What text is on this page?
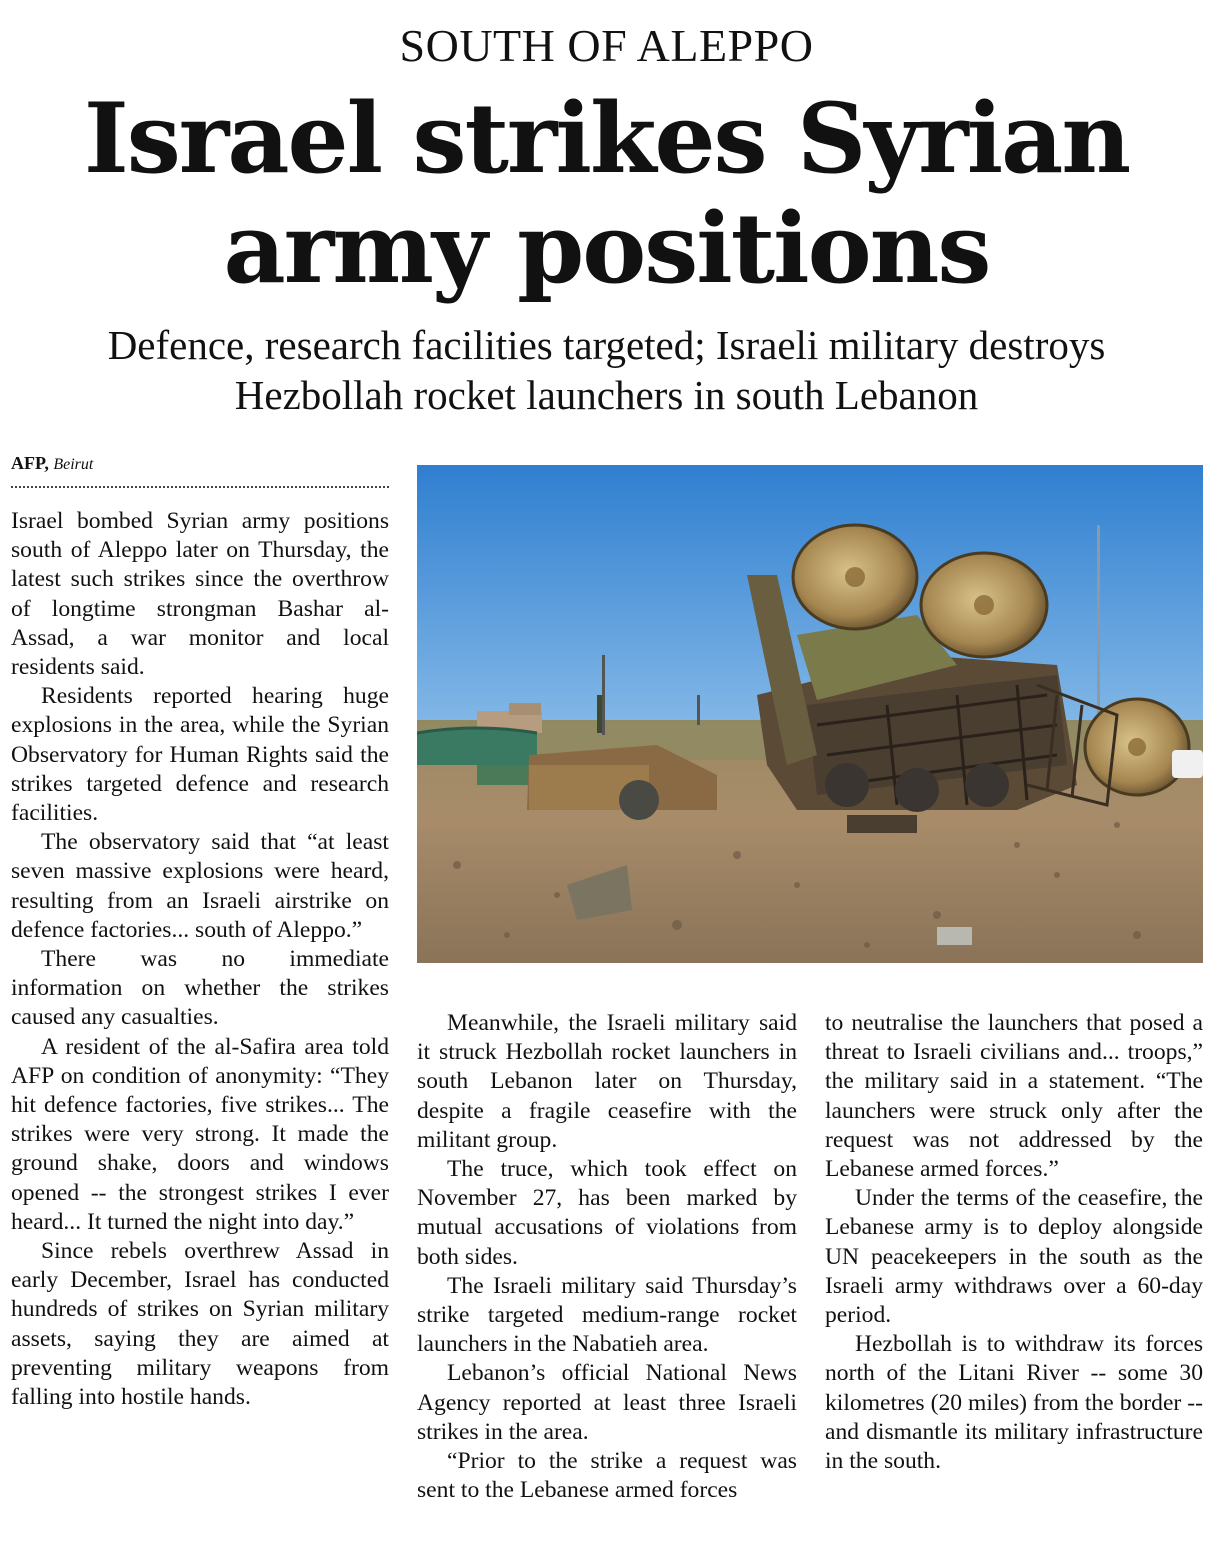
SOUTH OF ALEPPO
Israel strikes Syrian
army positions
Defence, research facilities targeted; Israeli military destroys
Hezbollah rocket launchers in south Lebanon
AFP, Beirut

Israel bombed Syrian army positions south of Aleppo later on Thursday, the latest such strikes since the overthrow of longtime strongman Bashar al-Assad, a war monitor and local residents said.

Residents reported hearing huge explosions in the area, while the Syrian Observatory for Human Rights said the strikes targeted defence and research facilities.

The observatory said that “at least seven massive explosions were heard, resulting from an Israeli airstrike on defence factories... south of Aleppo.”

There was no immediate information on whether the strikes caused any casualties.

A resident of the al-Safira area told AFP on condition of anonymity: “They hit defence factories, five strikes... The strikes were very strong. It made the ground shake, doors and windows opened -- the strongest strikes I ever heard... It turned the night into day.”

Since rebels overthrew Assad in early December, Israel has conducted hundreds of strikes on Syrian military assets, saying they are aimed at preventing military weapons from falling into hostile hands.

Meanwhile, the Israeli military said it struck Hezbollah rocket launchers in south Lebanon later on Thursday, despite a fragile ceasefire with the militant group.

The truce, which took effect on November 27, has been marked by mutual accusations of violations from both sides.

The Israeli military said Thursday’s strike targeted medium-range rocket launchers in the Nabatieh area.

Lebanon’s official National News Agency reported at least three Israeli strikes in the area.

“Prior to the strike a request was sent to the Lebanese armed forces

to neutralise the launchers that posed a threat to Israeli civilians and... troops,” the military said in a statement. “The launchers were struck only after the request was not addressed by the Lebanese armed forces.”

Under the terms of the ceasefire, the Lebanese army is to deploy alongside UN peacekeepers in the south as the Israeli army withdraws over a 60-day period.

Hezbollah is to withdraw its forces north of the Litani River -- some 30 kilometres (20 miles) from the border -- and dismantle its military infrastructure in the south.
